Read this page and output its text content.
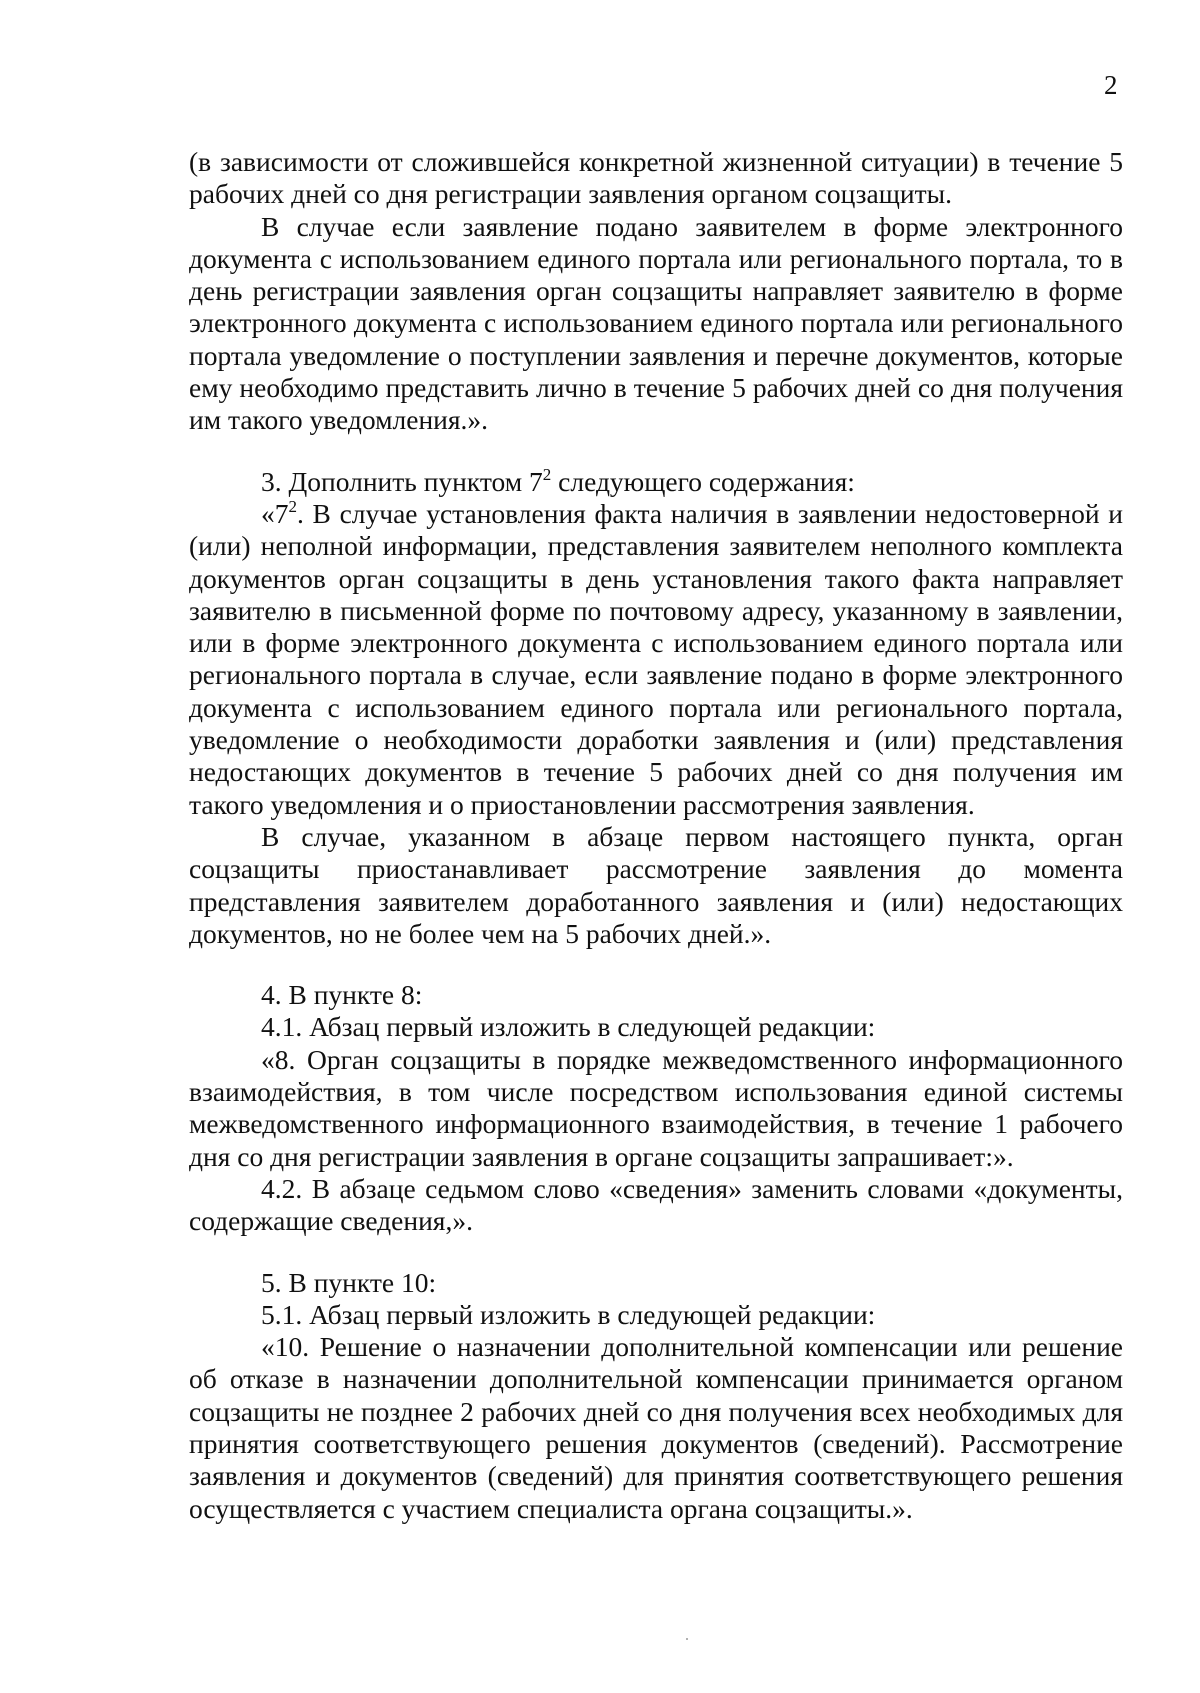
2

(в зависимости от сложившейся конкретной жизненной ситуации) в течение 5 рабочих дней со дня регистрации заявления органом соцзащиты.

В случае если заявление подано заявителем в форме электронного документа с использованием единого портала или регионального портала, то в день регистрации заявления орган соцзащиты направляет заявителю в форме электронного документа с использованием единого портала или регионального портала уведомление о поступлении заявления и перечне документов, которые ему необходимо представить лично в течение 5 рабочих дней со дня получения им такого уведомления.».

3. Дополнить пунктом $7^2$ следующего содержания:

«$7^2$. В случае установления факта наличия в заявлении недостоверной и (или) неполной информации, представления заявителем неполного комплекта документов орган соцзащиты в день установления такого факта направляет заявителю в письменной форме по почтовому адресу, указанному в заявлении, или в форме электронного документа с использованием единого портала или регионального портала в случае, если заявление подано в форме электронного документа с использованием единого портала или регионального портала, уведомление о необходимости доработки заявления и (или) представления недостающих документов в течение 5 рабочих дней со дня получения им такого уведомления и о приостановлении рассмотрения заявления.

В случае, указанном в абзаце первом настоящего пункта, орган соцзащиты приостанавливает рассмотрение заявления до момента представления заявителем доработанного заявления и (или) недостающих документов, но не более чем на 5 рабочих дней.».

4. В пункте 8:

4.1. Абзац первый изложить в следующей редакции:

«8. Орган соцзащиты в порядке межведомственного информационного взаимодействия, в том числе посредством использования единой системы межведомственного информационного взаимодействия, в течение 1 рабочего дня со дня регистрации заявления в органе соцзащиты запрашивает:».

4.2. В абзаце седьмом слово «сведения» заменить словами «документы, содержащие сведения,».

5. В пункте 10:

5.1. Абзац первый изложить в следующей редакции:

«10. Решение о назначении дополнительной компенсации или решение об отказе в назначении дополнительной компенсации принимается органом соцзащиты не позднее 2 рабочих дней со дня получения всех необходимых для принятия соответствующего решения документов (сведений). Рассмотрение заявления и документов (сведений) для принятия соответствующего решения осуществляется с участием специалиста органа соцзащиты.».
